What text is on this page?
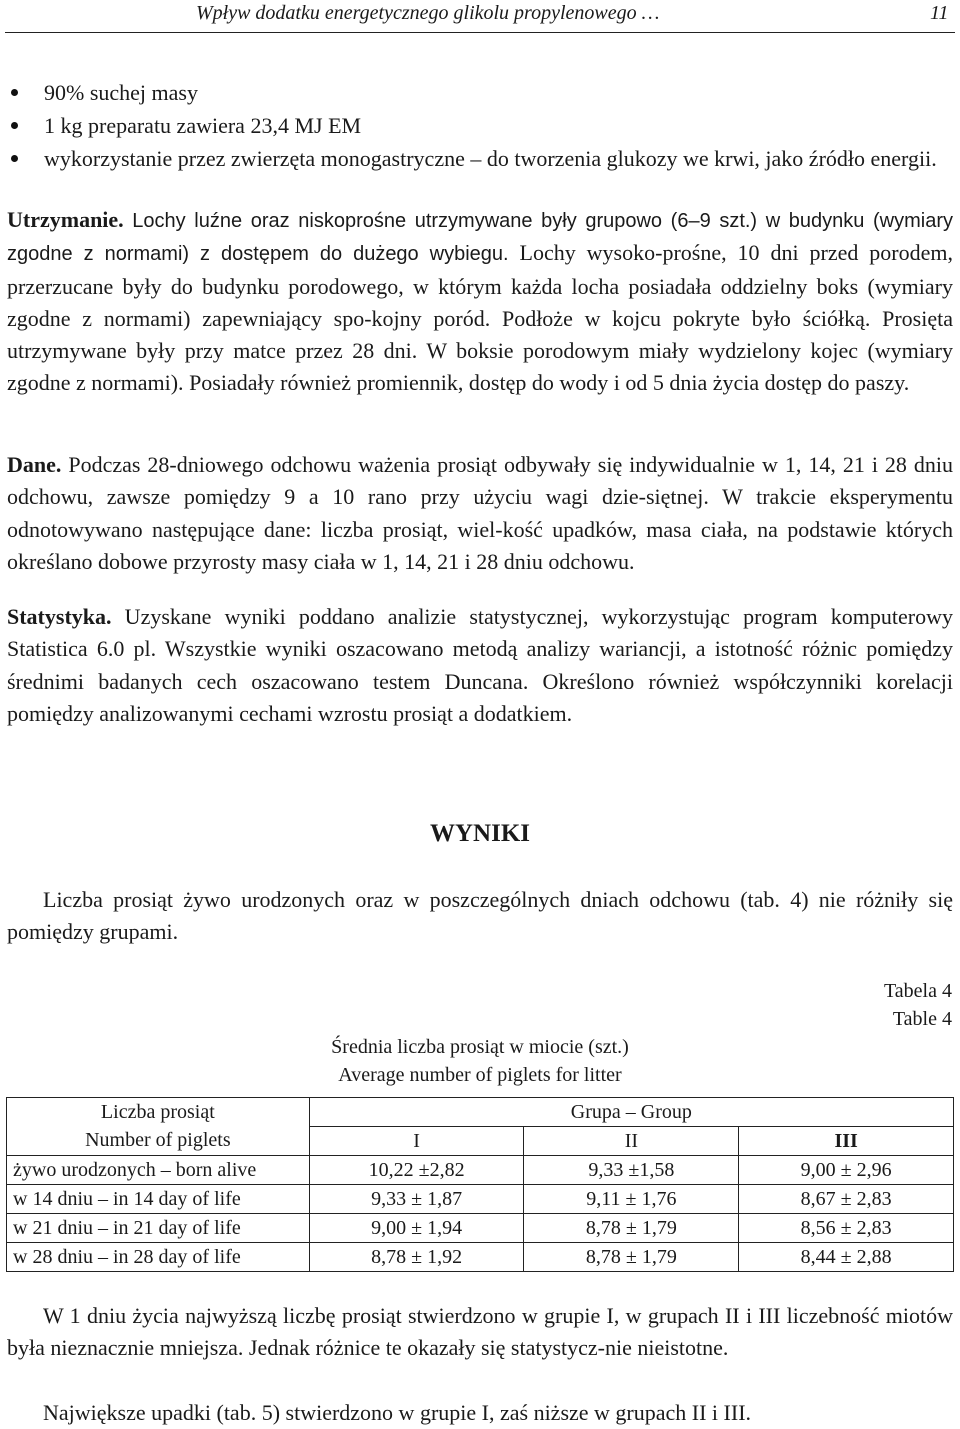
Wpływ dodatku energetycznego glikolu propylenowego …	11
90% suchej masy
1 kg preparatu zawiera 23,4 MJ EM
wykorzystanie przez zwierzęta monogastryczne – do tworzenia glukozy we krwi, jako źródło energii.

Utrzymanie. Lochy luźne oraz niskoprośne utrzymywane były grupowo (6–9 szt.) w budynku (wymiary zgodne z normami) z dostępem do dużego wybiegu. Lochy wysoko-prośne, 10 dni przed porodem, przerzucane były do budynku porodowego, w którym każda locha posiadała oddzielny boks (wymiary zgodne z normami) zapewniający spo-kojny poród. Podłoże w kojcu pokryte było ściółką. Prosięta utrzymywane były przy matce przez 28 dni. W boksie porodowym miały wydzielony kojec (wymiary zgodne z normami). Posiadały również promiennik, dostęp do wody i od 5 dnia życia dostęp do paszy.

Dane. Podczas 28-dniowego odchowu ważenia prosiąt odbywały się indywidualnie w 1, 14, 21 i 28 dniu odchowu, zawsze pomiędzy 9 a 10 rano przy użyciu wagi dzie-siętnej. W trakcie eksperymentu odnotowywano następujące dane: liczba prosiąt, wiel-kość upadków, masa ciała, na podstawie których określano dobowe przyrosty masy ciała w 1, 14, 21 i 28 dniu odchowu.

Statystyka. Uzyskane wyniki poddano analizie statystycznej, wykorzystując program komputerowy Statistica 6.0 pl. Wszystkie wyniki oszacowano metodą analizy wariancji, a istotność różnic pomiędzy średnimi badanych cech oszacowano testem Duncana. Określono również współczynniki korelacji pomiędzy analizowanymi cechami wzrostu prosiąt a dodatkiem.

WYNIKI

Liczba prosiąt żywo urodzonych oraz w poszczególnych dniach odchowu (tab. 4) nie różniły się pomiędzy grupami.

Tabela 4
Table 4
Średnia liczba prosiąt w miocie (szt.)
Average number of piglets for litter
Liczba prosiąt	Grupa – Group		
Number of piglets	I	II	III
żywo urodzonych – born alive	10,22 ±2,82	9,33 ±1,58	9,00 ± 2,96
w 14 dniu – in 14 day of life	9,33 ± 1,87	9,11 ± 1,76	8,67 ± 2,83
w 21 dniu – in 21 day of life	9,00 ± 1,94	8,78 ± 1,79	8,56 ± 2,83
w 28 dniu – in 28 day of life	8,78 ± 1,92	8,78 ± 1,79	8,44 ± 2,88

W 1 dniu życia najwyższą liczbę prosiąt stwierdzono w grupie I, w grupach II i III liczebność miotów była nieznacznie mniejsza. Jednak różnice te okazały się statystycz-nie nieistotne.

Największe upadki (tab. 5) stwierdzono w grupie I, zaś niższe w grupach II i III.
